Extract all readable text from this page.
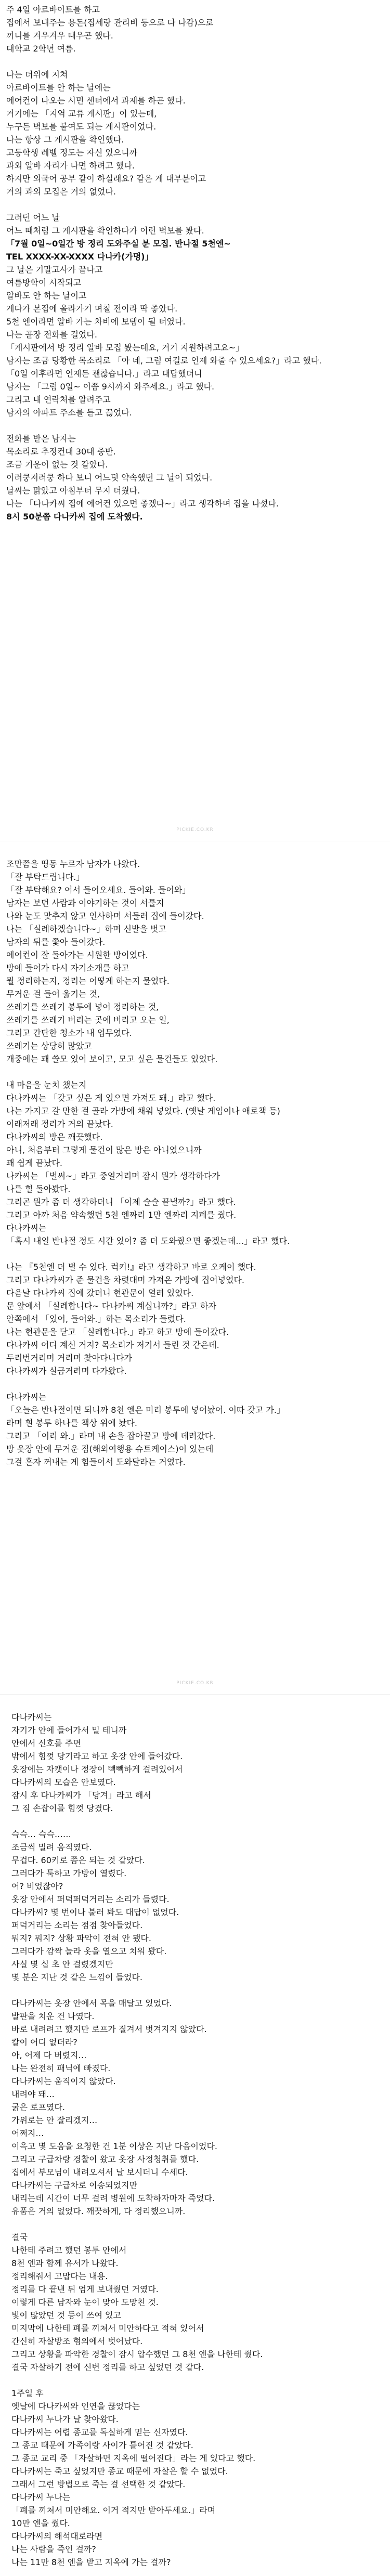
주 4일 아르바이트를 하고
집에서 보내주는 용돈(집세랑 관리비 등으로 다 나감)으로
끼니를 겨우겨우 때우곤 했다.
대학교 2학년 여름.
나는 더위에 지쳐
아르바이트를 안 하는 날에는
에어컨이 나오는 시민 센터에서 과제를 하곤 했다.
거기에는 「지역 교류 게시판」이 있는데,
누구든 벽보를 붙여도 되는 게시판이었다.
나는 항상 그 게시판을 확인했다.
고등학생 레벨 정도는 자신 있으니까
과외 알바 자리가 나면 하려고 했다.
하지만 외국어 공부 같이 하실래요? 같은 게 대부분이고
거의 과외 모집은 거의 없었다.
그러던 어느 날
어느 때처럼 그 게시판을 확인하다가 이런 벽보를 봤다.
「7월 0일~0일간 방 정리 도와주실 분 모집. 반나절 5천엔~
TEL XXXX-XX-XXXX 다나카(가명)」
그 날은 기말고사가 끝나고
여름방학이 시작되고
알바도 안 하는 날이고
게다가 본집에 올라가기 며칠 전이라 딱 좋았다.
5천 엔이라면 알바 가는 차비에 보탬이 될 터였다.
나는 곧장 전화를 걸었다.
「게시판에서 방 정리 알바 모집 봤는데요, 거기 지원하려고요~」
남자는 조금 당황한 목소리로 「아 네, 그럼 여길로 언제 와줄 수 있으세요?」라고 했다.
「0일 이후라면 언제든 괜찮습니다.」라고 대답했더니
남자는 「그럼 0일~ 이쯤 9시까지 와주세요.」라고 했다.
그리고 내 연락처를 알려주고
남자의 아파트 주소를 듣고 끊었다.
전화를 받은 남자는
목소리로 추정컨대 30대 중반.
조금 기운이 없는 것 같았다.
이러쿵저러쿵 하다 보니 어느덧 약속했던 그 날이 되었다.
날씨는 맑았고 아침부터 무지 더웠다.
나는 「다나카씨 집에 에어컨 있으면 좋겠다~」라고 생각하며 집을 나섰다.
8시 50분쯤 다나카씨 집에 도착했다.
PICKIE.CO.KR
조만쯤을 띵동 누르자 남자가 나왔다.
「잘 부탁드립니다.」
「잘 부탁해요? 어서 들어오세요. 들어와. 들어와」
남자는 보던 사람과 이야기하는 것이 서툴지
나와 눈도 맞추지 않고 인사하며 서둘러 집에 들어갔다.
나는 「실례하겠습니다~」하며 신발을 벗고
남자의 뒤를 쫓아 들어갔다.
에어컨이 잘 돌아가는 시원한 방이었다.
방에 들어가 다시 자기소개를 하고
뭘 정리하는지, 정리는 어떻게 하는지 물었다.
무거운 걸 들어 옮기는 것,
쓰레기를 쓰레기 봉투에 넣어 정리하는 것,
쓰레기를 쓰레기 버리는 곳에 버리고 오는 일,
그리고 간단한 청소가 내 업무였다.
쓰레기는 상당히 많았고
개중에는 꽤 쓸모 있어 보이고, 모고 싶은 물건들도 있었다.
내 마음을 눈치 챘는지
다나카씨는 「갖고 싶은 게 있으면 가져도 돼.」라고 했다.
나는 가지고 갈 만한 걸 골라 가방에 채워 넣었다. (옛날 게임이나 애로책 등)
이래저래 정리가 거의 끝났다.
다나카씨의 방은 깨끗했다.
아니, 처음부터 그렇게 물건이 많은 방은 아니었으니까
꽤 쉽게 끝났다.
나카씨는 「벌써~」라고 중얼거리며 잠시 뭔가 생각하다가
나를 힐 돌아봤다.
그리곤 뭔가 좀 더 생각하더니 「이제 슬슬 끝낼까?」라고 했다.
그리고 아까 처음 약속했던 5천 엔짜리 1만 엔짜리 지폐를 줬다.
다나카씨는
「혹시 내일 반나절 정도 시간 있어? 좀 더 도와줬으면 좋겠는데…」라고 했다.
나는 『5천엔 더 벌 수 있다. 럭키!』라고 생각하고 바로 오케이 했다.
그리고 다나카씨가 준 물건을 차렷대며 가져온 가방에 집어넣었다.
다음날 다나카씨 집에 갔더니 현관문이 열려 있었다.
문 앞에서 「실례합니다~ 다나카씨 계십니까?」라고 하자
안쪽에서 「있어, 들어와.」하는 목소리가 들렸다.
나는 현관문을 닫고 「실례합니다.」라고 하고 방에 들어갔다.
다나카씨 어디 계신 거지? 목소리가 저기서 들린 것 같은데.
두리번거리며 거리며 찾아다니다가
다나카씨가 실금거려며 다가왔다.
다나카씨는
「오늘은 반나절이면 되니까 8천 엔은 미리 봉투에 넣어놨어. 이따 갖고 가.」
라며 흰 봉투 하나를 책상 위에 놨다.
그리고 「이리 와.」라며 내 손을 잡아끌고 방에 데려갔다.
방 옷장 안에 무거운 짐(해외여행용 슈트케이스)이 있는데
그걸 혼자 꺼내는 게 힘들어서 도와달라는 거였다.
PICKIE.CO.KR
다나카씨는
자기가 안에 들어가서 밀 테니까
안에서 신호를 주면
밖에서 힘껏 당기라고 하고 옷장 안에 들어갔다.
옷장에는 자캣이나 정장이 빽빽하게 걸려있어서
다나카씨의 모습은 안보였다.
잠시 후 다나카씨가 「당겨」라고 해서
그 짐 손잡이를 힘껏 당겼다.
슥슥… 슥슥……
조금씩 밀려 움직였다.
무겁다. 60키로 쯤은 되는 것 같았다.
그러다가 툭하고 가방이 열렸다.
어? 비었잖아?
옷장 안에서 퍼덕퍼덕거리는 소리가 들렸다.
다나카씨? 몇 번이나 불러 봐도 대답이 없었다.
퍼덕거리는 소리는 점점 찾아들었다.
뭐지? 뭐지? 상황 파악이 전혀 안 됐다.
그러다가 깜짝 놀라 옷을 열으고 치워 봤다.
사실 몇 십 초 안 걸렸겠지만
몇 분은 지난 것 같은 느낌이 들었다.
다나카씨는 옷장 안에서 목을 매달고 있었다.
발판을 치운 건 나였다.
바로 내려려고 했지만 로프가 질겨서 벗겨지지 않았다.
칼이 어디 없더라?
아, 어제 다 버렸지…
나는 완전히 패닉에 빠졌다.
다나카씨는 움직이지 않았다.
내려야 돼…
굵은 로프였다.
가위로는 안 잘리겠지…
어쩌지…
이윽고 몇 도움을 요청한 건 1분 이상은 지난 다음이었다.
그리고 구급차랑 경찰이 왔고 옷장 사정청취를 했다.
집에서 부모님이 내려오셔서 날 보시더니 수세다.
다나카씨는 구급차로 이송되었지만
내리는데 시간이 너무 걸려 병원에 도착하자마자 죽었다.
유품은 거의 없었다. 깨끗하게, 다 정리했으니까.
결국
나한테 주려고 했던 봉투 안에서
8천 엔과 함께 유서가 나왔다.
정리해줘서 고맙다는 내용.
정리를 다 끝낸 뒤 엄게 보내줬던 거였다.
이렇게 다른 남자와 눈이 맞아 도망친 것.
빛이 많았던 것 등이 쓰여 있고
미지막에 나한테 폐를 끼쳐서 미안하다고 적혀 있어서
간신히 자살방조 혐의에서 벗어났다.
그리고 상황을 파악한 경찰이 잠시 압수했던 그 8천 엔을 나한테 줬다.
결국 자살하기 전에 신변 정리를 하고 싶었던 것 같다.
1주일 후
옛날에 다나카씨와 인연을 끊었다는
다나카씨 누나가 날 찾아왔다.
다나카씨는 어렵 종교를 독실하게 믿는 신자였다.
그 종교 때문에 가족이랑 사이가 틀어진 것 같았다.
그 종교 교리 중 「자살하면 지옥에 떨어진다」라는 게 있다고 했다.
다나카씨는 죽고 싶었지만 종교 때문에 자살은 할 수 없었다.
그래서 그런 방법으로 죽는 걸 선택한 것 같았다.
다나카씨 누나는
「폐를 끼쳐서 미안해요. 이거 적지만 받아두세요.」라며
10만 엔을 줬다.
다나카씨의 해석대로라면
나는 사람을 죽인 걸까?
나는 11만 8천 엔을 받고 지옥에 가는 걸까?
